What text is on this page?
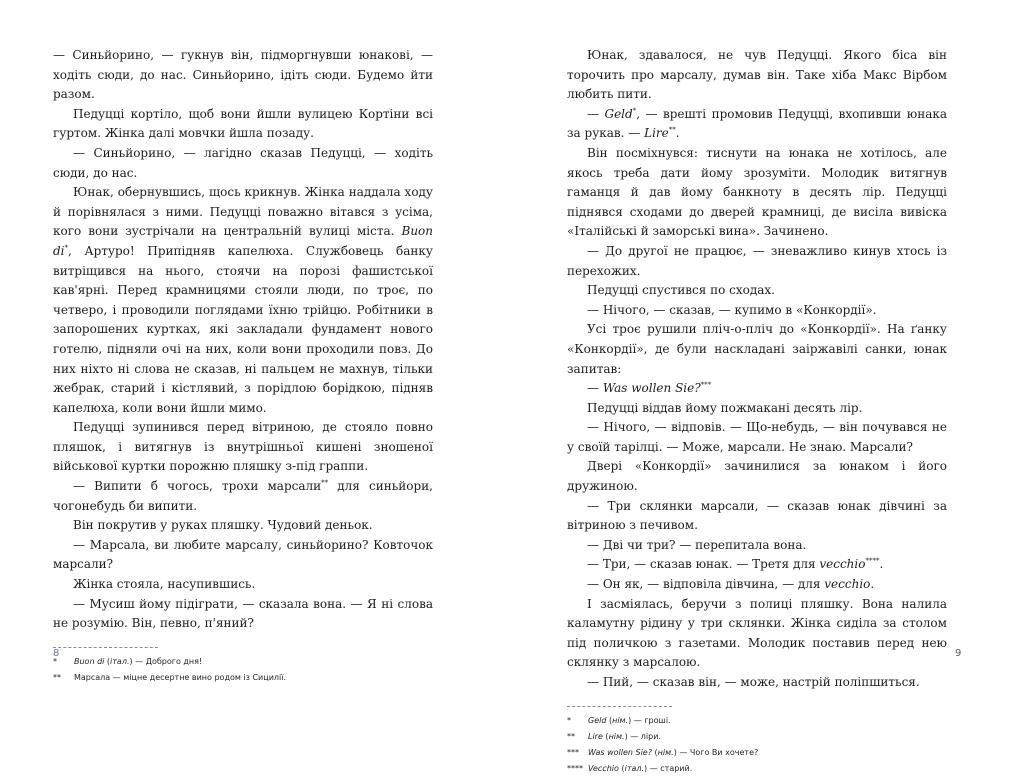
— Синьйорино, — гукнув він, підморгнувши юнакові, — ходіть сюди, до нас. Синьйорино, ідіть сюди. Будемо йти разом.

Педуцці кортіло, щоб вони йшли вулицею Кортіни всі гуртом. Жінка далі мовчки йшла позаду.

— Синьйорино, — лагідно сказав Педуцці, — ходіть сюди, до нас.

Юнак, обернувшись, щось крикнув. Жінка наддала ходу й порівнялася з ними. Педуцці поважно вітався з усіма, кого вони зустрічали на центральній вулиці міста. Buon di*, Артуро! Припідняв капелюха. Службовець банку витріщився на нього, стоячи на порозі фашистської кав'ярні. Перед крамницями стояли люди, по троє, по четверо, і проводили поглядами їхню трійцю. Робітники в запорошених куртках, які закладали фундамент нового готелю, підняли очі на них, коли вони проходили повз. До них ніхто ні слова не сказав, ні пальцем не махнув, тільки жебрак, старий і кістлявий, з порідлою борідкою, підняв капелюха, коли вони йшли мимо.

Педуцці зупинився перед вітриною, де стояло повно пляшок, і витягнув із внутрішньої кишені зношеної військової куртки порожню пляшку з-під граппи.

— Випити б чогось, трохи марсали** для синьйори, чогонебудь би випити.

Він покрутив у руках пляшку. Чудовий деньок.

— Марсала, ви любите марсалу, синьйорино? Ковточок марсали?

Жінка стояла, насупившись.

— Мусиш йому підіграти, — сказала вона. — Я ні слова не розумію. Він, певно, п'яний?

*	Buon di (італ.) — Доброго дня!
**	Марсала — міцне десертне вино родом із Сицилії.
8

Юнак, здавалося, не чув Педуцці. Якого біса він торочить про марсалу, думав він. Таке хіба Макс Вірбом любить пити.

— Geld*, — врешті промовив Педуцці, вхопивши юнака за рукав. — Lire**.

Він посміхнувся: тиснути на юнака не хотілось, але якось треба дати йому зрозуміти. Молодик витягнув гаманця й дав йому банкноту в десять лір. Педуцці піднявся сходами до дверей крамниці, де висіла вивіска «Італійські й заморські вина». Зачинено.

— До другої не працює, — зневажливо кинув хтось із перехожих.

Педуцці спустився по сходах.

— Нічого, — сказав, — купимо в «Конкордії».

Усі троє рушили пліч-о-пліч до «Конкордії». На ґанку «Конкордії», де були наскладані заіржавілі санки, юнак запитав:

— Was wollen Sie?***

Педуцці віддав йому пожмакані десять лір.

— Нічого, — відповів. — Що-небудь, — він почувався не у своїй тарілці. — Може, марсали. Не знаю. Марсали?

Двері «Конкордії» зачинилися за юнаком і його дружиною.

— Три склянки марсали, — сказав юнак дівчині за вітриною з печивом.

— Дві чи три? — перепитала вона.

— Три, — сказав юнак. — Третя для vecchio****.

— Он як, — відповіла дівчина, — для vecchio.

І засміялась, беручи з полиці пляшку. Вона налила каламутну рідину у три склянки. Жінка сиділа за столом під поличкою з газетами. Молодик поставив перед нею склянку з марсалою.

— Пий, — сказав він, — може, настрій поліпшиться.

*	Geld (нім.) — гроші.
**	Lire (нім.) — ліри.
***	Was wollen Sie? (нім.) — Чого Ви хочете?
**** Vecchio (італ.) — старий.
9
